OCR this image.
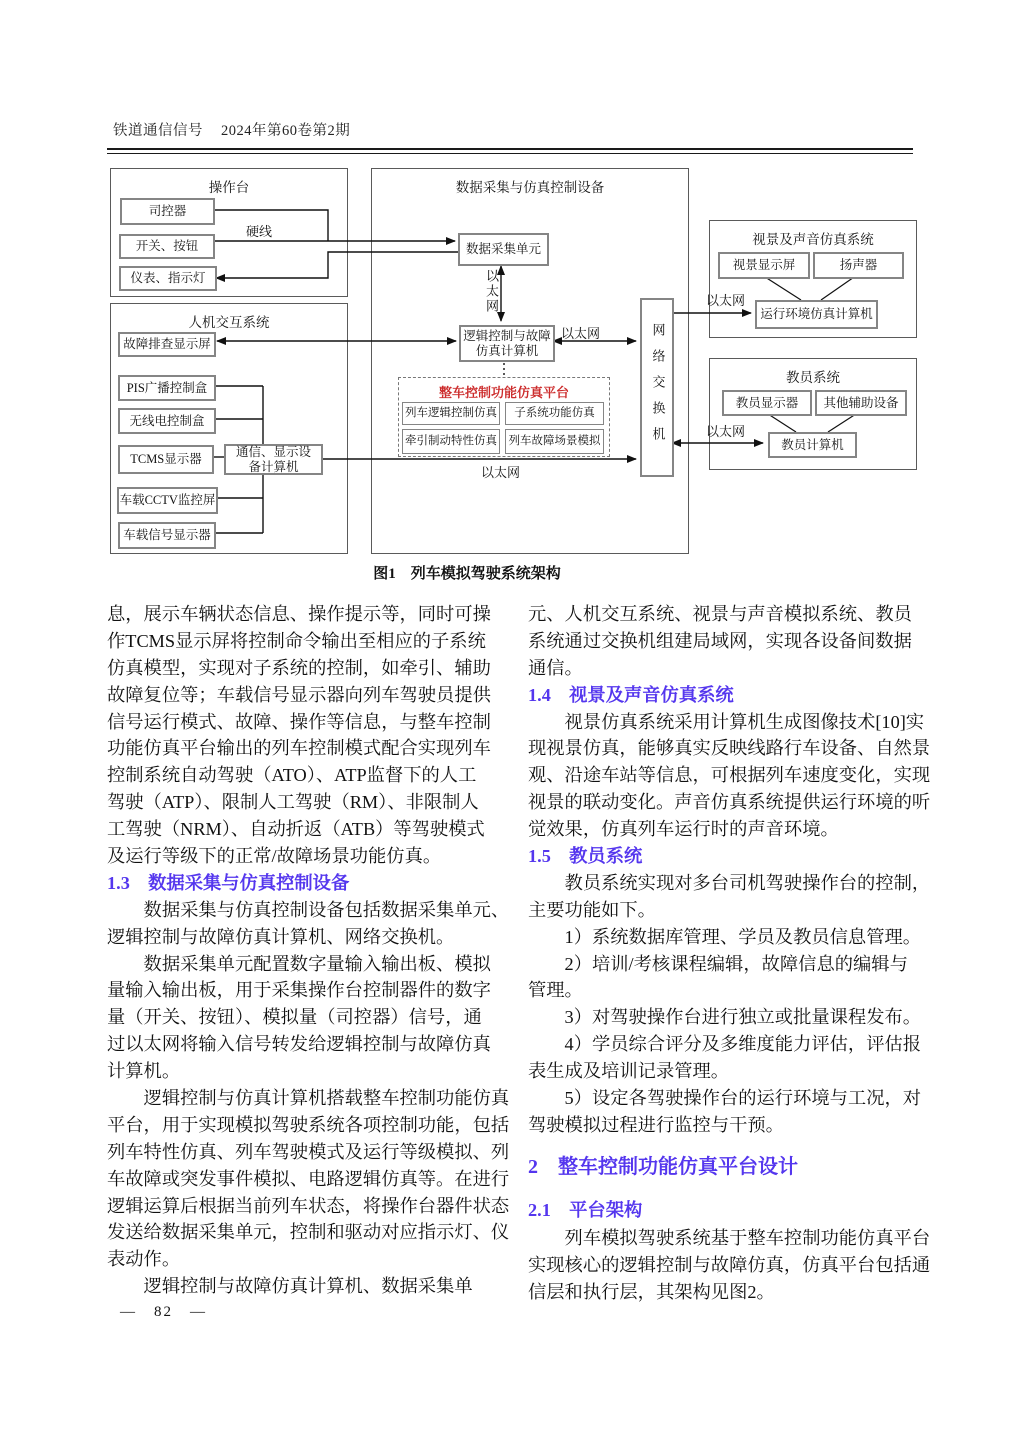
铁道通信信号 2024年第60卷第2期
操作台
人机交互系统
数据采集与仿真控制设备
视景及声音仿真系统
教员系统
司控器
开关、按钮
仪表、指示灯
故障排查显示屏
PIS广播控制盒
无线电控制盒
TCMS显示器
通信、显示设备计算机
车载CCTV监控屏
车载信号显示器
数据采集单元
逻辑控制与故障仿真计算机
整车控制功能仿真平台
列车逻辑控制仿真	子系统功能仿真
牵引制动特性仿真	列车故障场景模拟	网络交换机
视景显示屏	扬声器
运行环境仿真计算机
教员显示器	其他辅助设备
教员计算机
硬线
以太网
以太网
以太网
以太网
以太网
图1　列车模拟驾驶系统架构
息，展示车辆状态信息、操作提示等，同时可操
作TCMS显示屏将控制命令输出至相应的子系统
仿真模型，实现对子系统的控制，如牵引、辅助
故障复位等；车载信号显示器向列车驾驶员提供
信号运行模式、故障、操作等信息，与整车控制
功能仿真平台输出的列车控制模式配合实现列车
控制系统自动驾驶（ATO）、ATP监督下的人工
驾驶（ATP）、限制人工驾驶（RM）、非限制人
工驾驶（NRM）、自动折返（ATB）等驾驶模式
及运行等级下的正常/故障场景功能仿真。
1.3　数据采集与仿真控制设备
　　数据采集与仿真控制设备包括数据采集单元、
逻辑控制与故障仿真计算机、网络交换机。
　　数据采集单元配置数字量输入输出板、模拟
量输入输出板，用于采集操作台控制器件的数字
量（开关、按钮）、模拟量（司控器）信号，通
过以太网将输入信号转发给逻辑控制与故障仿真
计算机。
　　逻辑控制与仿真计算机搭载整车控制功能仿真
平台，用于实现模拟驾驶系统各项控制功能，包括
列车特性仿真、列车驾驶模式及运行等级模拟、列
车故障或突发事件模拟、电路逻辑仿真等。在进行
逻辑运算后根据当前列车状态，将操作台器件状态
发送给数据采集单元，控制和驱动对应指示灯、仪
表动作。
　　逻辑控制与故障仿真计算机、数据采集单
元、人机交互系统、视景与声音模拟系统、教员
系统通过交换机组建局域网，实现各设备间数据
通信。
1.4　视景及声音仿真系统
　　视景仿真系统采用计算机生成图像技术[10]实
现视景仿真，能够真实反映线路行车设备、自然景
观、沿途车站等信息，可根据列车速度变化，实现
视景的联动变化。声音仿真系统提供运行环境的听
觉效果，仿真列车运行时的声音环境。
1.5　教员系统
　　教员系统实现对多台司机驾驶操作台的控制，
主要功能如下。
　　1）系统数据库管理、学员及教员信息管理。
　　2）培训/考核课程编辑，故障信息的编辑与
管理。
　　3）对驾驶操作台进行独立或批量课程发布。
　　4）学员综合评分及多维度能力评估，评估报
表生成及培训记录管理。
　　5）设定各驾驶操作台的运行环境与工况，对
驾驶模拟过程进行监控与干预。
2　整车控制功能仿真平台设计
2.1　平台架构
　　列车模拟驾驶系统基于整车控制功能仿真平台
实现核心的逻辑控制与故障仿真，仿真平台包括通
信层和执行层，其架构见图2。
—　82　—
